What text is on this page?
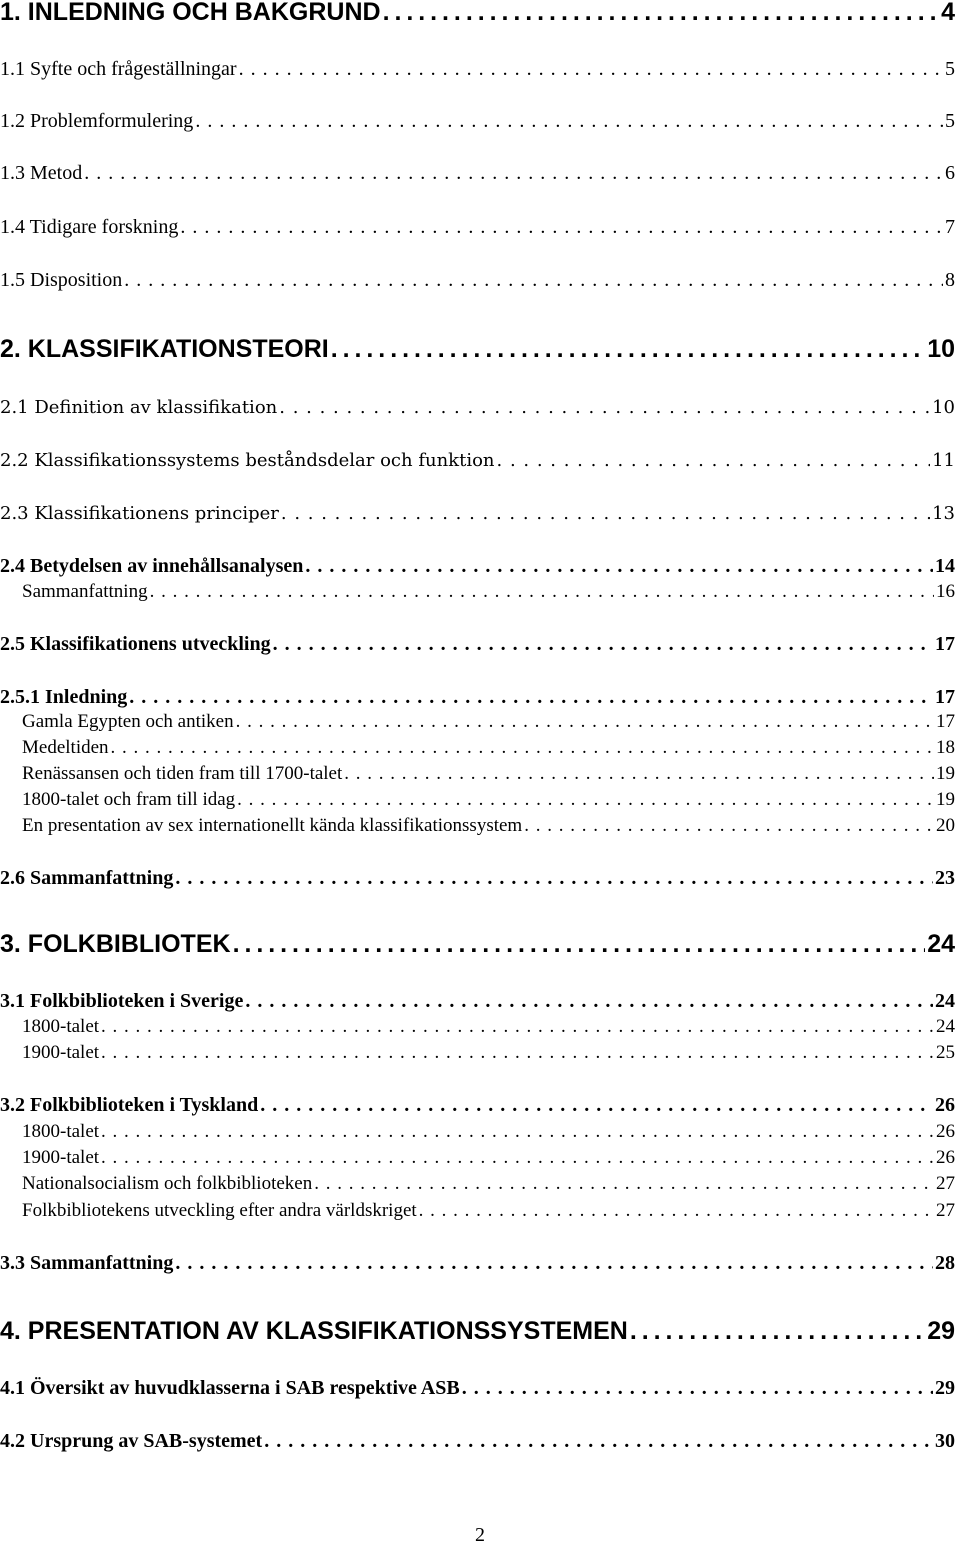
1. INLEDNING OCH BAKGRUND . . .	4
1.1 Syfte och frågeställningar . . .	5
1.2 Problemformulering . . .	5
1.3 Metod . . .	6
1.4 Tidigare forskning . . .	7
1.5 Disposition . . .	8
2. KLASSIFIKATIONSTEORI . . .	10
2.1 Definition av klassifikation . . .	10
2.2 Klassifikationssystems beståndsdelar och funktion . . .	11
2.3 Klassifikationens principer . . .	13
2.4 Betydelsen av innehållsanalysen . . .	14
Sammanfattning . . .	16
2.5 Klassifikationens utveckling . . .	17
2.5.1 Inledning . . .	17
Gamla Egypten och antiken . . .	17
Medeltiden . . .	18
Renässansen och tiden fram till 1700-talet . . .	19
1800-talet och fram till idag . . .	19
En presentation av sex internationellt kända klassifikationssystem . . .	20
2.6 Sammanfattning . . .	23
3. FOLKBIBLIOTEK . . .	24
3.1 Folkbiblioteken i Sverige . . .	24
1800-talet . . .	24
1900-talet . . .	25
3.2 Folkbiblioteken i Tyskland . . .	26
1800-talet . . .	26
1900-talet . . .	26
Nationalsocialism och folkbiblioteken . . .	27
Folkbibliotekens utveckling efter andra världskriget . . .	27
3.3 Sammanfattning . . .	28
4. PRESENTATION AV KLASSIFIKATIONSSYSTEMEN . . .	29
4.1 Översikt av huvudklasserna i SAB respektive ASB . . .	29
4.2 Ursprung av SAB-systemet . . .	30
2
